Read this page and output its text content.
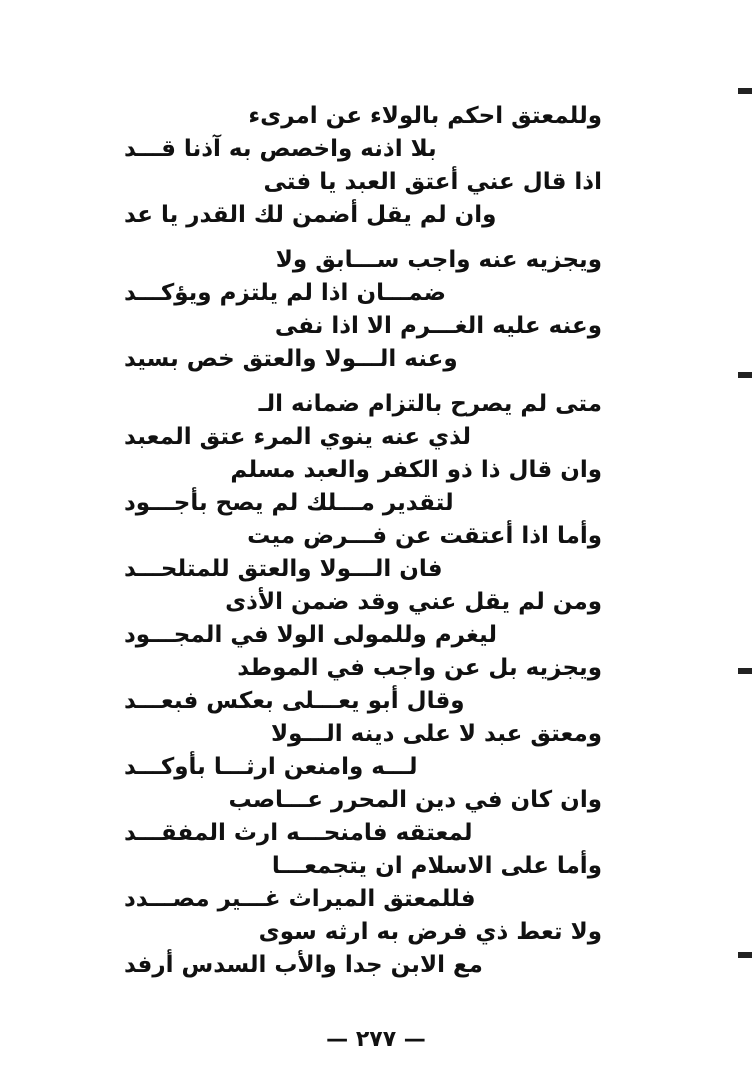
وللمعتق احكم بالولاء عن امرىء
بلا اذنه واخصص به آذنا قـــد
اذا قال عني أعتق العبد يا فتى
وان لم يقل أضمن لك القدر يا عد
ويجزيه عنه واجب ســـابق ولا
ضمـــان اذا لم يلتزم ويؤكـــد
وعنه عليه الغـــرم الا اذا نفى
وعنه الـــولا والعتق خص بسيد
متى لم يصرح بالتزام ضمانه الـ
لذي عنه ينوي المرء عتق المعبد
وان قال ذا ذو الكفر والعبد مسلم
لتقدير مـــلك لم يصح بأجـــود
وأما اذا أعتقت عن فـــرض ميت
فان الـــولا والعتق للمتلحـــد
ومن لم يقل عني وقد ضمن الأذى
ليغرم وللمولى الولا في المجـــود
ويجزيه بل عن واجب في الموطد
وقال أبو يعـــلى بعكس فبعـــد
ومعتق عبد لا على دينه الـــولا
لـــه وامنعن ارثـــا بأوكـــد
وان كان في دين المحرر عـــاصب
لمعتقه فامنحـــه ارث المفقـــد
وأما على الاسلام ان يتجمعـــا
فللمعتق الميراث غـــير مصـــدد
ولا تعط ذي فرض به ارثه سوى
مع الابن جدا والأب السدس أرفد
— ٢٧٧ —
